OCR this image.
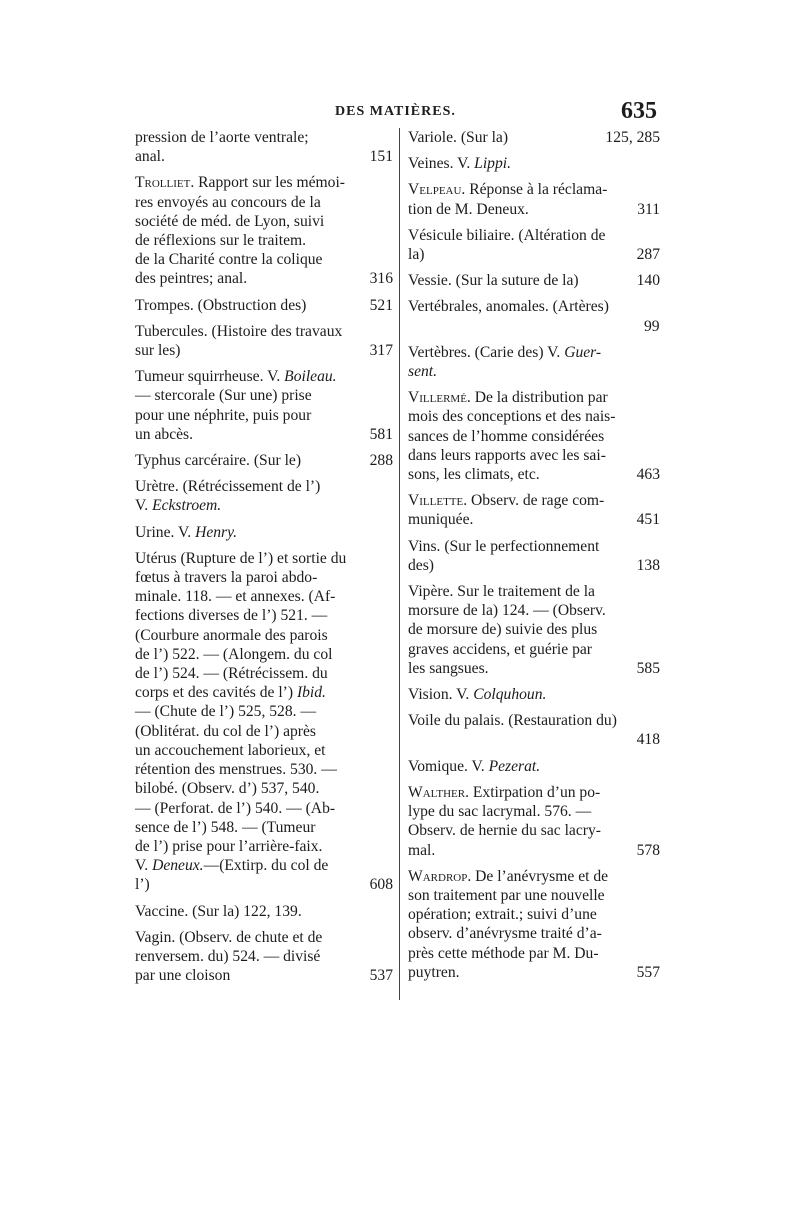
DES MATIÈRES.	635
pression de l’aorte ventrale;
151
anal.
Trolliet. Rapport sur les mémoi-
res envoyés au concours de la
société de méd. de Lyon, suivi
de réflexions sur le traitem.
de la Charité contre la colique
316
des peintres; anal.
521
Trompes. (Obstruction des)
Tubercules. (Histoire des travaux
317
sur les)
Tumeur squirrheuse. V. Boileau.
— stercorale (Sur une) prise
pour une néphrite, puis pour
581
un abcès.
288
Typhus carcéraire. (Sur le)
Urètre. (Rétrécissement de l’)
V. Eckstroem.
Urine. V. Henry.
Utérus (Rupture de l’) et sortie du
fœtus à travers la paroi abdo-
minale. 118. — et annexes. (Af-
fections diverses de l’) 521. —
(Courbure anormale des parois
de l’) 522. — (Alongem. du col
de l’) 524. — (Rétrécissem. du
corps et des cavités de l’) Ibid.
— (Chute de l’) 525, 528. —
(Oblitérat. du col de l’) après
un accouchement laborieux, et
rétention des menstrues. 530. —
bilobé. (Observ. d’) 537, 540.
— (Perforat. de l’) 540. — (Ab-
sence de l’) 548. — (Tumeur
de l’) prise pour l’arrière-faix.
V. Deneux.—(Extirp. du col de
608
l’)
Vaccine. (Sur la) 122, 139.
Vagin. (Observ. de chute et de
renversem. du) 524. — divisé
537
par une cloison
125, 285
Variole. (Sur la)
Veines. V. Lippi.
Velpeau. Réponse à la réclama-
311
tion de M. Deneux.
Vésicule biliaire. (Altération de
287
la)
140
Vessie. (Sur la suture de la)
Vertébrales, anomales. (Artères)
99

Vertèbres. (Carie des) V. Guer-
sent.
Villermé. De la distribution par
mois des conceptions et des nais-
sances de l’homme considérées
dans leurs rapports avec les sai-
463
sons, les climats, etc.
Villette. Observ. de rage com-
451
muniquée.
Vins. (Sur le perfectionnement
138
des)
Vipère. Sur le traitement de la
morsure de la) 124. — (Observ.
de morsure de) suivie des plus
graves accidens, et guérie par
585
les sangsues.
Vision. V. Colquhoun.
Voile du palais. (Restauration du)
418

Vomique. V. Pezerat.
Walther. Extirpation d’un po-
lype du sac lacrymal. 576. —
Observ. de hernie du sac lacry-
578
mal.
Wardrop. De l’anévrysme et de
son traitement par une nouvelle
opération; extrait.; suivi d’une
observ. d’anévrysme traité d’a-
près cette méthode par M. Du-
557
puytren.
